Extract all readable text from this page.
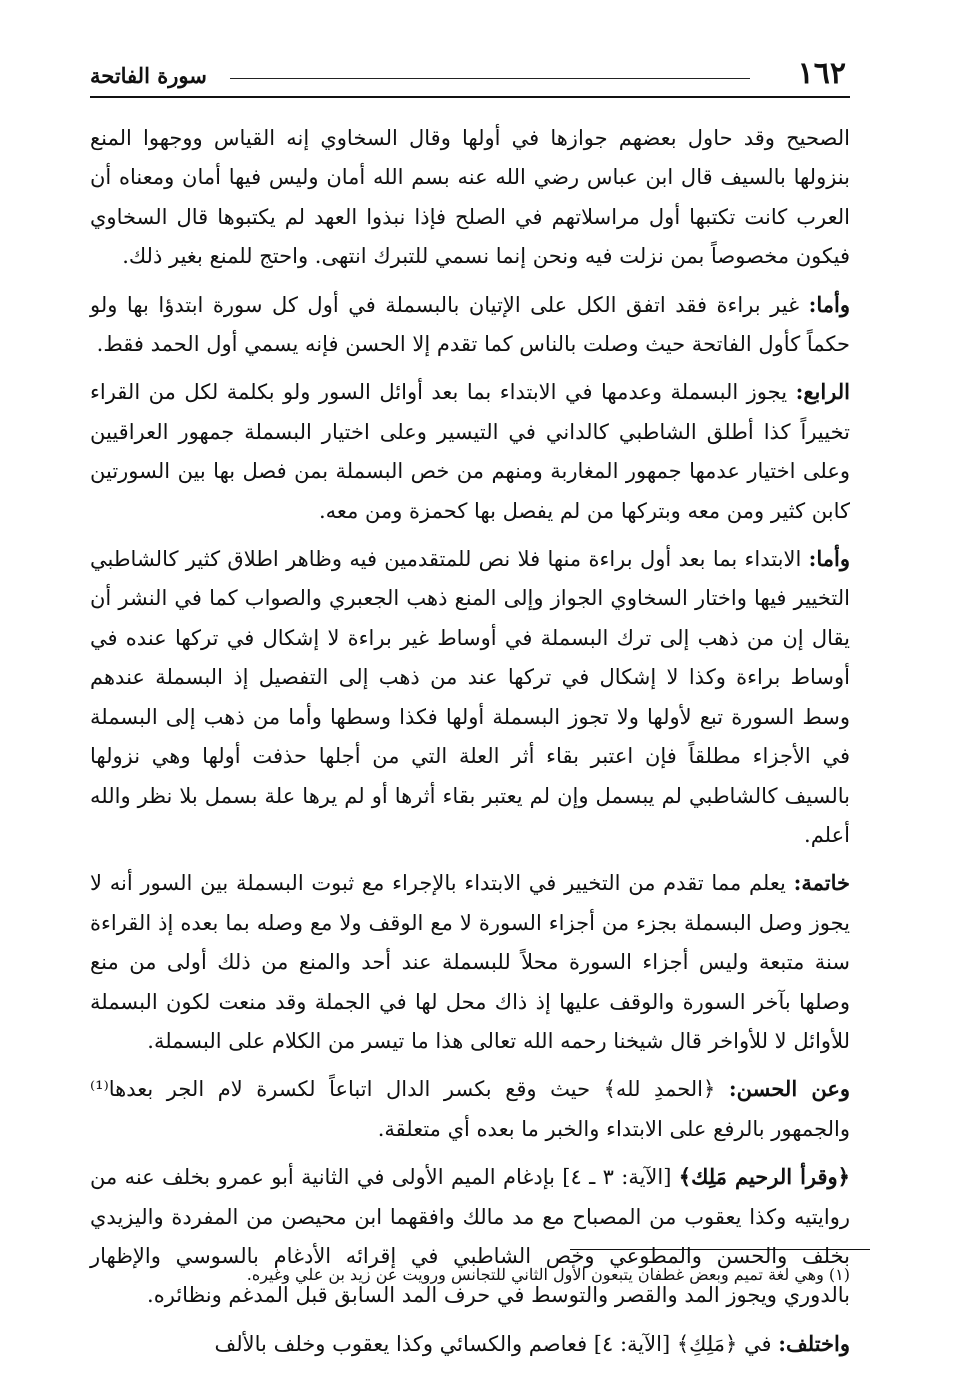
١٦٢
سورة الفاتحة

الصحيح وقد حاول بعضهم جوازها في أولها وقال السخاوي إنه القياس ووجهوا المنع بنزولها بالسيف قال ابن عباس رضي الله عنه بسم الله أمان وليس فيها أمان ومعناه أن العرب كانت تكتبها أول مراسلاتهم في الصلح فإذا نبذوا العهد لم يكتبوها قال السخاوي فيكون مخصوصاً بمن نزلت فيه ونحن إنما نسمي للتبرك انتهى. واحتج للمنع بغير ذلك.

وأما: غير براءة فقد اتفق الكل على الإتيان بالبسملة في أول كل سورة ابتدؤا بها ولو حكماً كأول الفاتحة حيث وصلت بالناس كما تقدم إلا الحسن فإنه يسمي أول الحمد فقط.

الرابع: يجوز البسملة وعدمها في الابتداء بما بعد أوائل السور ولو بكلمة لكل من القراء تخييراً كذا أطلق الشاطبي كالداني في التيسير وعلى اختيار البسملة جمهور العراقيين وعلى اختيار عدمها جمهور المغاربة ومنهم من خص البسملة بمن فصل بها بين السورتين كابن كثير ومن معه وبتركها من لم يفصل بها كحمزة ومن معه.

وأما: الابتداء بما بعد أول براءة منها فلا نص للمتقدمين فيه وظاهر اطلاق كثير كالشاطبي التخيير فيها واختار السخاوي الجواز وإلى المنع ذهب الجعبري والصواب كما في النشر أن يقال إن من ذهب إلى ترك البسملة في أوساط غير براءة لا إشكال في تركها عنده في أوساط براءة وكذا لا إشكال في تركها عند من ذهب إلى التفصيل إذ البسملة عندهم وسط السورة تبع لأولها ولا تجوز البسملة أولها فكذا وسطها وأما من ذهب إلى البسملة في الأجزاء مطلقاً فإن اعتبر بقاء أثر العلة التي من أجلها حذفت أولها وهي نزولها بالسيف كالشاطبي لم يبسمل وإن لم يعتبر بقاء أثرها أو لم يرها علة بسمل بلا نظر والله أعلم.

خاتمة: يعلم مما تقدم من التخيير في الابتداء بالإجراء مع ثبوت البسملة بين السور أنه لا يجوز وصل البسملة بجزء من أجزاء السورة لا مع الوقف ولا مع وصله بما بعده إذ القراءة سنة متبعة وليس أجزاء السورة محلاً للبسملة عند أحد والمنع من ذلك أولى من منع وصلها بآخر السورة والوقف عليها إذ ذاك محل لها في الجملة وقد منعت لكون البسملة للأوائل لا للأواخر قال شيخنا رحمه الله تعالى هذا ما تيسر من الكلام على البسملة.

وعن الحسن: ﴿الحمدِ لله﴾ حيث وقع بكسر الدال اتباعاً لكسرة لام الجر بعدها⁽¹⁾ والجمهور بالرفع على الابتداء والخبر ما بعده أي متعلقة.

﴿وقرأ الرحيم مَلِك﴾ [الآية: ٣ ـ ٤] بإدغام الميم الأولى في الثانية أبو عمرو بخلف عنه من روايتيه وكذا يعقوب من المصباح مع مد مالك وافقهما ابن محيصن من المفردة واليزيدي بخلف والحسن والمطوعي وخص الشاطبي في إقرائه الأدغام بالسوسي والإظهار بالدوري ويجوز المد والقصر والتوسط في حرف المد السابق قبل المدغم ونظائره.

واختلف: في ﴿مَلِكِ﴾ [الآية: ٤] فعاصم والكسائي وكذا يعقوب وخلف بالألف

(١) وهي لغة تميم وبعض غطفان يتبعون الأول الثاني للتجانس ورويت عن زيد بن علي وغيره.
